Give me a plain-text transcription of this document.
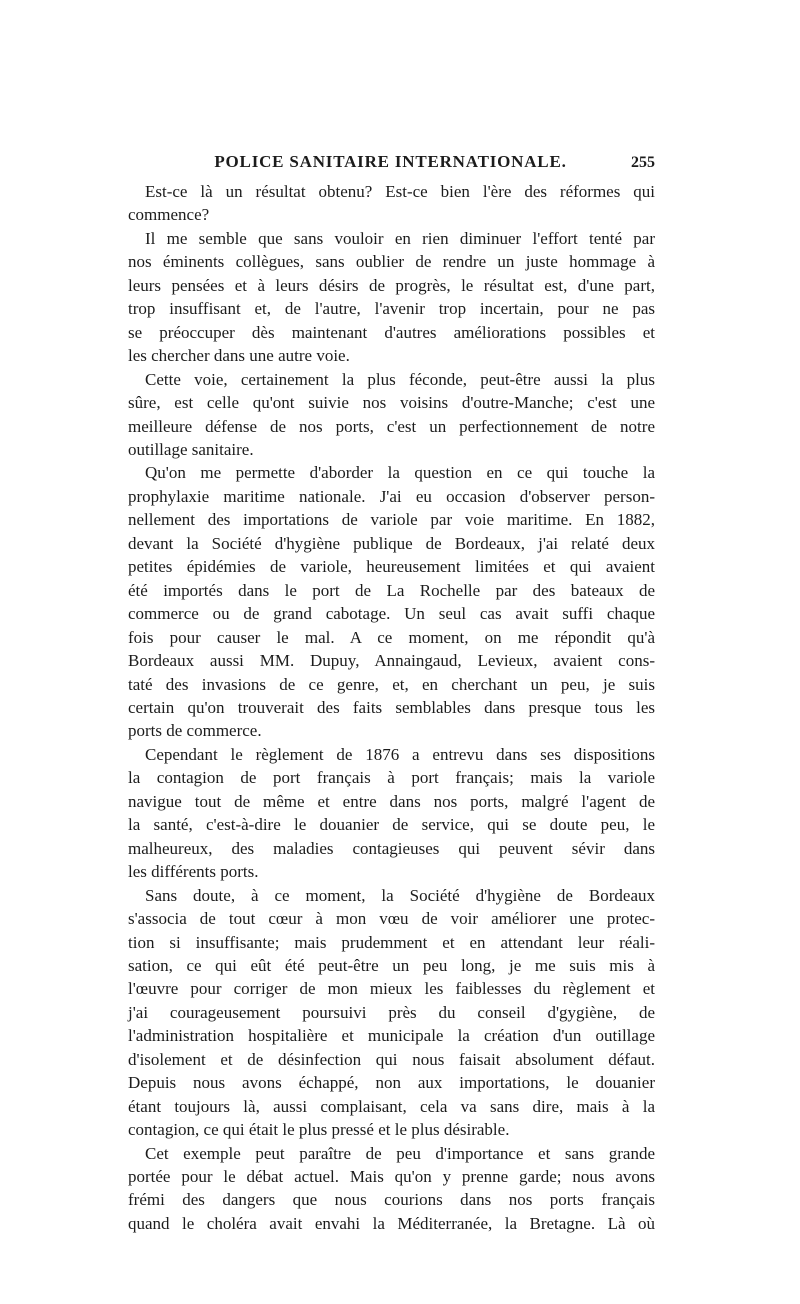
POLICE SANITAIRE INTERNATIONALE.	255
Est-ce là un résultat obtenu? Est-ce bien l'ère des réformes qui
commence?
Il me semble que sans vouloir en rien diminuer l'effort tenté par
nos éminents collègues, sans oublier de rendre un juste hommage à
leurs pensées et à leurs désirs de progrès, le résultat est, d'une part,
trop insuffisant et, de l'autre, l'avenir trop incertain, pour ne pas
se préoccuper dès maintenant d'autres améliorations possibles et
les chercher dans une autre voie.
Cette voie, certainement la plus féconde, peut-être aussi la plus
sûre, est celle qu'ont suivie nos voisins d'outre-Manche; c'est une
meilleure défense de nos ports, c'est un perfectionnement de notre
outillage sanitaire.
Qu'on me permette d'aborder la question en ce qui touche la
prophylaxie maritime nationale. J'ai eu occasion d'observer person-
nellement des importations de variole par voie maritime. En 1882,
devant la Société d'hygiène publique de Bordeaux, j'ai relaté deux
petites épidémies de variole, heureusement limitées et qui avaient
été importés dans le port de La Rochelle par des bateaux de
commerce ou de grand cabotage. Un seul cas avait suffi chaque
fois pour causer le mal. A ce moment, on me répondit qu'à
Bordeaux aussi MM. Dupuy, Annaingaud, Levieux, avaient cons-
taté des invasions de ce genre, et, en cherchant un peu, je suis
certain qu'on trouverait des faits semblables dans presque tous les
ports de commerce.
Cependant le règlement de 1876 a entrevu dans ses dispositions
la contagion de port français à port français; mais la variole
navigue tout de même et entre dans nos ports, malgré l'agent de
la santé, c'est-à-dire le douanier de service, qui se doute peu, le
malheureux, des maladies contagieuses qui peuvent sévir dans
les différents ports.
Sans doute, à ce moment, la Société d'hygiène de Bordeaux
s'associa de tout cœur à mon vœu de voir améliorer une protec-
tion si insuffisante; mais prudemment et en attendant leur réali-
sation, ce qui eût été peut-être un peu long, je me suis mis à
l'œuvre pour corriger de mon mieux les faiblesses du règlement et
j'ai courageusement poursuivi près du conseil d'gygiène, de
l'administration hospitalière et municipale la création d'un outillage
d'isolement et de désinfection qui nous faisait absolument défaut.
Depuis nous avons échappé, non aux importations, le douanier
étant toujours là, aussi complaisant, cela va sans dire, mais à la
contagion, ce qui était le plus pressé et le plus désirable.
Cet exemple peut paraître de peu d'importance et sans grande
portée pour le débat actuel. Mais qu'on y prenne garde; nous avons
frémi des dangers que nous courions dans nos ports français
quand le choléra avait envahi la Méditerranée, la Bretagne. Là où
